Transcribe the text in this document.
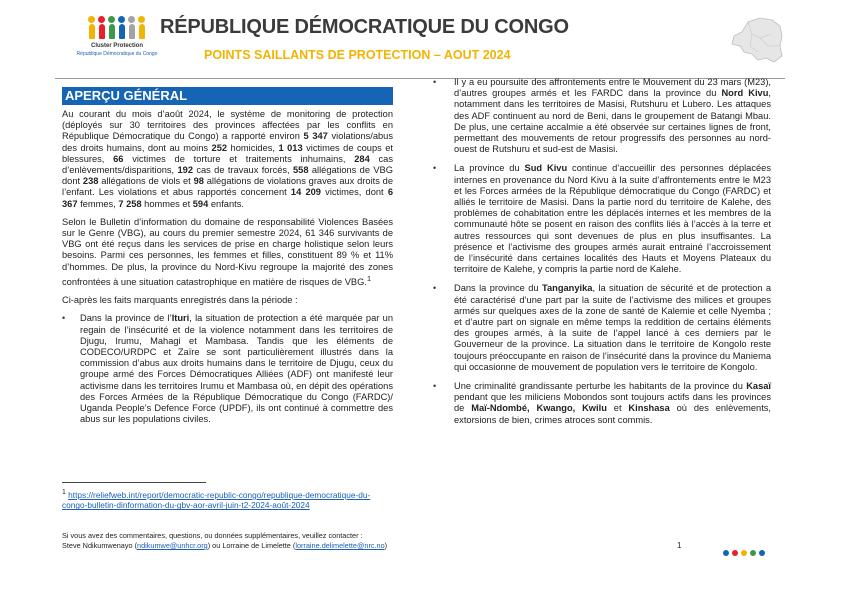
Cluster Protection
République Démocratique du Congo
RÉPUBLIQUE DÉMOCRATIQUE DU CONGO
POINTS SAILLANTS DE PROTECTION – AOUT 2024
APERÇU GÉNÉRAL

Au courant du mois d’août 2024, le système de monitoring de protection (déployés sur 30 territoires des provinces affectées par les conflits en République Démocratique du Congo) a rapporté environ 5 347 violations/abus des droits humains, dont au moins 252 homicides, 1 013 victimes de coups et blessures, 66 victimes de torture et traitements inhumains, 284 cas d’enlèvements/disparitions, 192 cas de travaux forcés, 558 allégations de VBG dont 238 allégations de viols et 98 allégations de violations graves aux droits de l’enfant. Les violations et abus rapportés concernent 14 209 victimes, dont 6 367 femmes, 7 258 hommes et 594 enfants.

Selon le Bulletin d’information du domaine de responsabilité Violences Basées sur le Genre (VBG), au cours du premier semestre 2024, 61 346 survivants de VBG ont été reçus dans les services de prise en charge holistique selon leurs besoins. Parmi ces personnes, les femmes et filles, constituent 89 % et 11% d’hommes. De plus, la province du Nord-Kivu regroupe la majorité des zones confrontées à une situation catastrophique en matière de risques de VBG.$^1$

Ci-après les faits marquants enregistrés dans la période :

• Dans la province de l’Ituri, la situation de protection a été marquée par un regain de l’insécurité et de la violence notamment dans les territoires de Djugu, Irumu, Mahagi et Mambasa. Tandis que les éléments de CODECO/URDPC et Zaïre se sont particulièrement illustrés dans la commission d’abus aux droits humains dans le territoire de Djugu, ceux du groupe armé des Forces Démocratiques Alliées (ADF) ont manifesté leur activisme dans les territoires Irumu et Mambasa où, en dépit des opérations des Forces Armées de la République Démocratique du Congo (FARDC)/ Uganda People’s Defence Force (UPDF), ils ont continué à commettre des abus sur les populations civiles.
• Il y a eu poursuite des affrontements entre le Mouvement du 23 mars (M23), d’autres groupes armés et les FARDC dans la province du Nord Kivu, notamment dans les territoires de Masisi, Rutshuru et Lubero. Les attaques des ADF continuent au nord de Beni, dans le groupement de Batangi Mbau. De plus, une certaine accalmie a été observée sur certaines lignes de front, permettant des mouvements de retour progressifs des personnes au nord-ouest de Rutshuru et sud-est de Masisi.
• La province du Sud Kivu continue d’accueillir des personnes déplacées internes en provenance du Nord Kivu à la suite d’affrontements entre le M23 et les Forces armées de la République démocratique du Congo (FARDC) et alliés le territoire de Masisi. Dans la partie nord du territoire de Kalehe, des problèmes de cohabitation entre les déplacés internes et les membres de la communauté hôte se posent en raison des conflits liés à l’accès à la terre et autres ressources qui sont devenues de plus en plus insuffisantes. La présence et l’activisme des groupes armés aurait entrainé l’accroissement de l’insécurité dans certaines localités des Hauts et Moyens Plateaux du territoire de Kalehe, y compris la partie nord de Kalehe.
• Dans la province du Tanganyika, la situation de sécurité et de protection a été caractérisé d’une part par la suite de l’activisme des milices et groupes armés sur quelques axes de la zone de santé de Kalemie et celle Nyemba ; et d’autre part on signale en même temps la reddition de certains éléments des groupes armés, à la suite de l’appel lancé à ces derniers par le Gouverneur de la province. La situation dans le territoire de Kongolo reste toujours préoccupante en raison de l’insécurité dans la province du Maniema qui occasionne de mouvement de population vers le territoire de Kongolo.
• Une criminalité grandissante perturbe les habitants de la province du Kasaï pendant que les miliciens Mobondos sont toujours actifs dans les provinces de Maï-Ndombé, Kwango, Kwilu et Kinshasa où des enlèvements, extorsions de bien, crimes atroces sont commis.
$^1$ https://reliefweb.int/report/democratic-republic-congo/republique-democratique-du-congo-bulletin-dinformation-du-gbv-aor-avril-juin-t2-2024-août-2024
Si vous avez des commentaires, questions, ou données supplémentaires, veuillez contacter :
Steve Ndikumwenayo (ndikumwe@unhcr.org) ou Lorraine de Limelette (lorraine.delimelette@nrc.no)	1
